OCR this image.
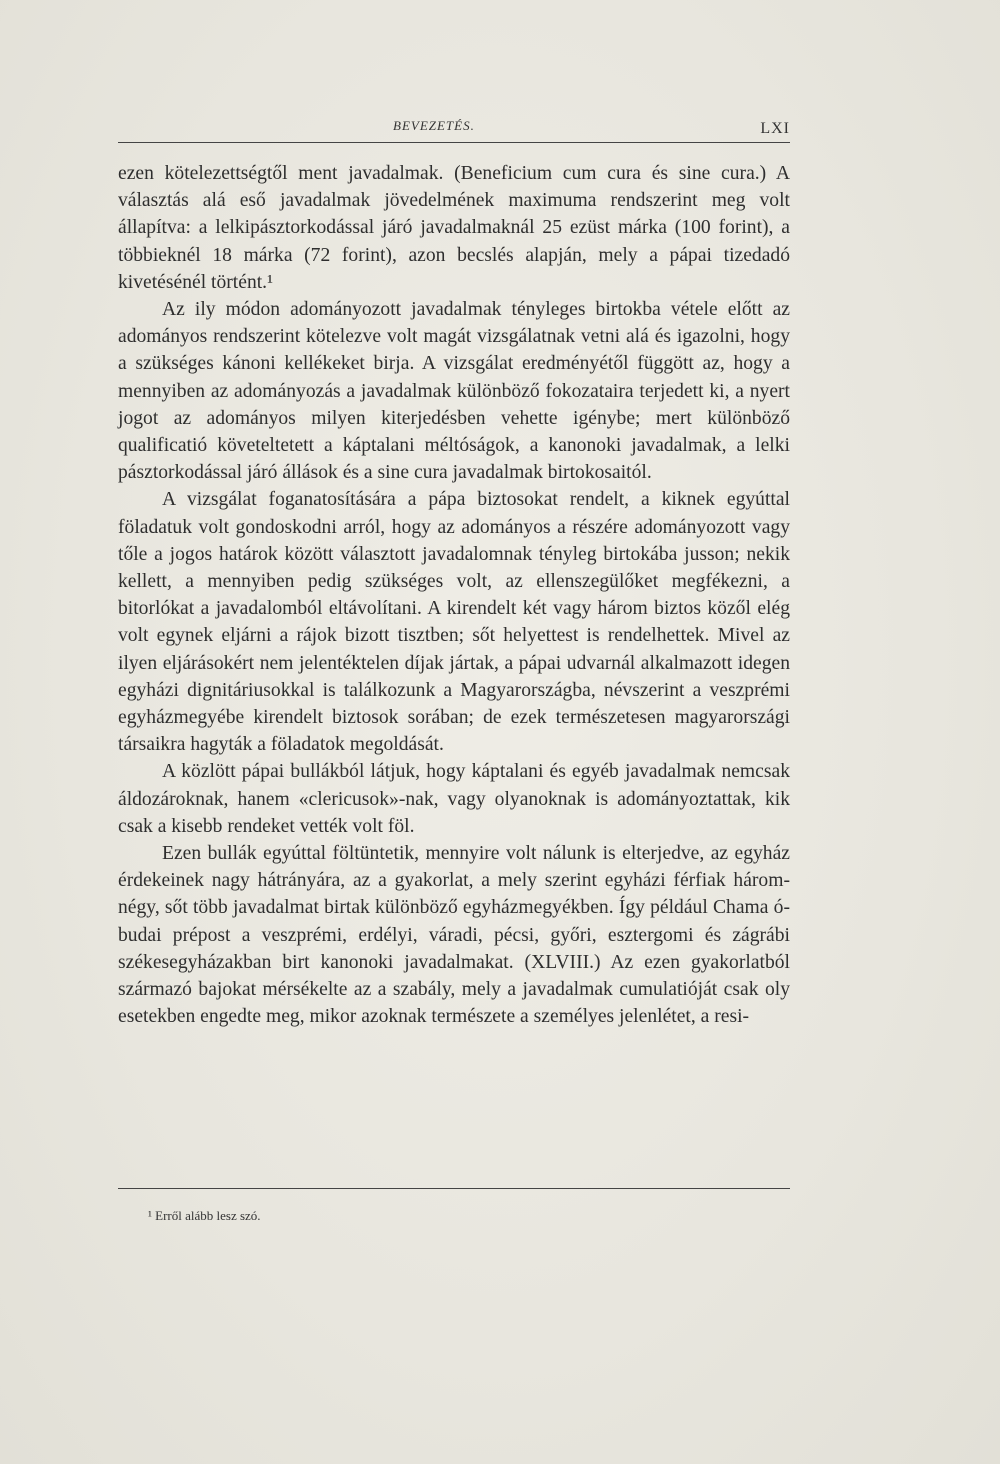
BEVEZETÉS.	LXI

ezen kötelezettségtől ment javadalmak. (Beneficium cum cura és sine cura.) A választás alá eső javadalmak jövedelmének maximuma rendszerint meg volt állapítva: a lelkipásztorkodással járó javadalmaknál 25 ezüst márka (100 forint), a többieknél 18 márka (72 forint), azon becslés alapján, mely a pápai tizedadó kivetésénél történt.¹

Az ily módon adományozott javadalmak tényleges birtokba vétele előtt az adományos rendszerint kötelezve volt magát vizsgálatnak vetni alá és igazolni, hogy a szükséges kánoni kellékeket birja. A vizsgálat eredményétől függött az, hogy a mennyiben az adományozás a javadalmak különböző fokozataira terjedett ki, a nyert jogot az adományos milyen kiterjedésben vehette igénybe; mert különböző qualificatió követeltetett a káptalani méltóságok, a kanonoki javadalmak, a lelki pásztorkodással járó állások és a sine cura javadalmak birtokosaitól.

A vizsgálat foganatosítására a pápa biztosokat rendelt, a kiknek egyúttal föladatuk volt gondoskodni arról, hogy az adományos a részére adományozott vagy tőle a jogos határok között választott javadalomnak tényleg birtokába jusson; nekik kellett, a mennyiben pedig szükséges volt, az ellenszegülőket megfékezni, a bitorlókat a javadalomból eltávolítani. A kirendelt két vagy három biztos közől elég volt egynek eljárni a rájok bizott tisztben; sőt helyettest is rendelhettek. Mivel az ilyen eljárásokért nem jelentéktelen díjak jártak, a pápai udvarnál alkalmazott idegen egyházi dignitáriusokkal is találkozunk a Magyarországba, névszerint a veszprémi egyházmegyébe kirendelt biztosok sorában; de ezek természetesen magyarországi társaikra hagyták a föladatok megoldását.

A közlött pápai bullákból látjuk, hogy káptalani és egyéb javadalmak nemcsak áldozároknak, hanem «clericusok»-nak, vagy olyanoknak is adományoztattak, kik csak a kisebb rendeket vették volt föl.

Ezen bullák egyúttal föltüntetik, mennyire volt nálunk is elterjedve, az egyház érdekeinek nagy hátrányára, az a gyakorlat, a mely szerint egyházi férfiak három-négy, sőt több javadalmat birtak különböző egyházmegyékben. Így például Chama ó-budai prépost a veszprémi, erdélyi, váradi, pécsi, győri, esztergomi és zágrábi székesegyházakban birt kanonoki javadalmakat. (XLVIII.) Az ezen gyakorlatból származó bajokat mérsékelte az a szabály, mely a javadalmak cumulatióját csak oly esetekben engedte meg, mikor azoknak természete a személyes jelenlétet, a resi-

¹ Erről alább lesz szó.
